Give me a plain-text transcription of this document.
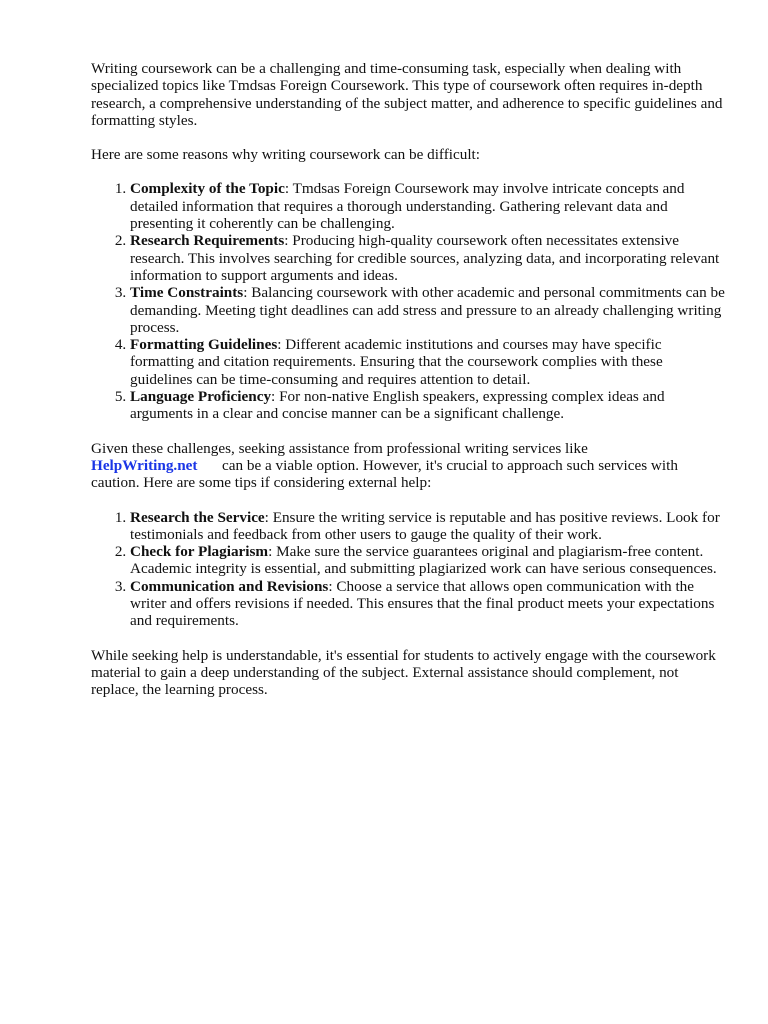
Writing coursework can be a challenging and time-consuming task, especially when dealing with specialized topics like Tmdsas Foreign Coursework. This type of coursework often requires in-depth research, a comprehensive understanding of the subject matter, and adherence to specific guidelines and formatting styles.

Here are some reasons why writing coursework can be difficult:

1. Complexity of the Topic: Tmdsas Foreign Coursework may involve intricate concepts and detailed information that requires a thorough understanding. Gathering relevant data and presenting it coherently can be challenging.
2. Research Requirements: Producing high-quality coursework often necessitates extensive research. This involves searching for credible sources, analyzing data, and incorporating relevant information to support arguments and ideas.
3. Time Constraints: Balancing coursework with other academic and personal commitments can be demanding. Meeting tight deadlines can add stress and pressure to an already challenging writing process.
4. Formatting Guidelines: Different academic institutions and courses may have specific formatting and citation requirements. Ensuring that the coursework complies with these guidelines can be time-consuming and requires attention to detail.
5. Language Proficiency: For non-native English speakers, expressing complex ideas and arguments in a clear and concise manner can be a significant challenge.

Given these challenges, seeking assistance from professional writing services like
HelpWriting.net can be a viable option. However, it's crucial to approach such services with caution. Here are some tips if considering external help:

1. Research the Service: Ensure the writing service is reputable and has positive reviews. Look for testimonials and feedback from other users to gauge the quality of their work.
2. Check for Plagiarism: Make sure the service guarantees original and plagiarism-free content. Academic integrity is essential, and submitting plagiarized work can have serious consequences.
3. Communication and Revisions: Choose a service that allows open communication with the writer and offers revisions if needed. This ensures that the final product meets your expectations and requirements.

While seeking help is understandable, it's essential for students to actively engage with the coursework material to gain a deep understanding of the subject. External assistance should complement, not replace, the learning process.
